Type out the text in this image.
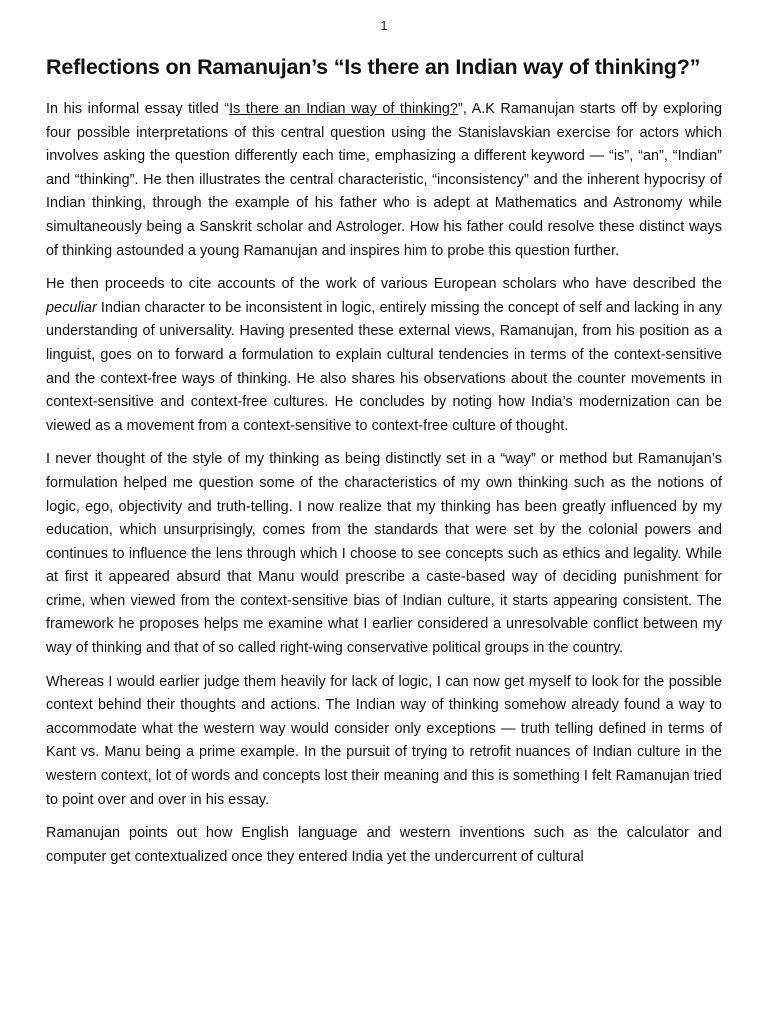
1
Reflections on Ramanujan’s “Is there an Indian way of thinking?”

In his informal essay titled “Is there an Indian way of thinking?”, A.K Ramanujan starts off by exploring four possible interpretations of this central question using the Stanislavskian exercise for actors which involves asking the question differently each time, emphasizing a different keyword — “is”, “an”, “Indian” and “thinking”. He then illustrates the central characteristic, “inconsistency” and the inherent hypocrisy of Indian thinking, through the example of his father who is adept at Mathematics and Astronomy while simultaneously being a Sanskrit scholar and Astrologer. How his father could resolve these distinct ways of thinking astounded a young Ramanujan and inspires him to probe this question further.

He then proceeds to cite accounts of the work of various European scholars who have described the peculiar Indian character to be inconsistent in logic, entirely missing the concept of self and lacking in any understanding of universality. Having presented these external views, Ramanujan, from his position as a linguist, goes on to forward a formulation to explain cultural tendencies in terms of the context-sensitive and the context-free ways of thinking. He also shares his observations about the counter movements in context-sensitive and context-free cultures. He concludes by noting how India’s modernization can be viewed as a movement from a context-sensitive to context-free culture of thought.

I never thought of the style of my thinking as being distinctly set in a “way” or method but Ramanujan’s formulation helped me question some of the characteristics of my own thinking such as the notions of logic, ego, objectivity and truth-telling. I now realize that my thinking has been greatly influenced by my education, which unsurprisingly, comes from the standards that were set by the colonial powers and continues to influence the lens through which I choose to see concepts such as ethics and legality. While at first it appeared absurd that Manu would prescribe a caste-based way of deciding punishment for crime, when viewed from the context-sensitive bias of Indian culture, it starts appearing consistent. The framework he proposes helps me examine what I earlier considered a unresolvable conflict between my way of thinking and that of so called right-wing conservative political groups in the country.

Whereas I would earlier judge them heavily for lack of logic, I can now get myself to look for the possible context behind their thoughts and actions. The Indian way of thinking somehow already found a way to accommodate what the western way would consider only exceptions — truth telling defined in terms of Kant vs. Manu being a prime example. In the pursuit of trying to retrofit nuances of Indian culture in the western context, lot of words and concepts lost their meaning and this is something I felt Ramanujan tried to point over and over in his essay.

Ramanujan points out how English language and western inventions such as the calculator and computer get contextualized once they entered India yet the undercurrent of cultural
